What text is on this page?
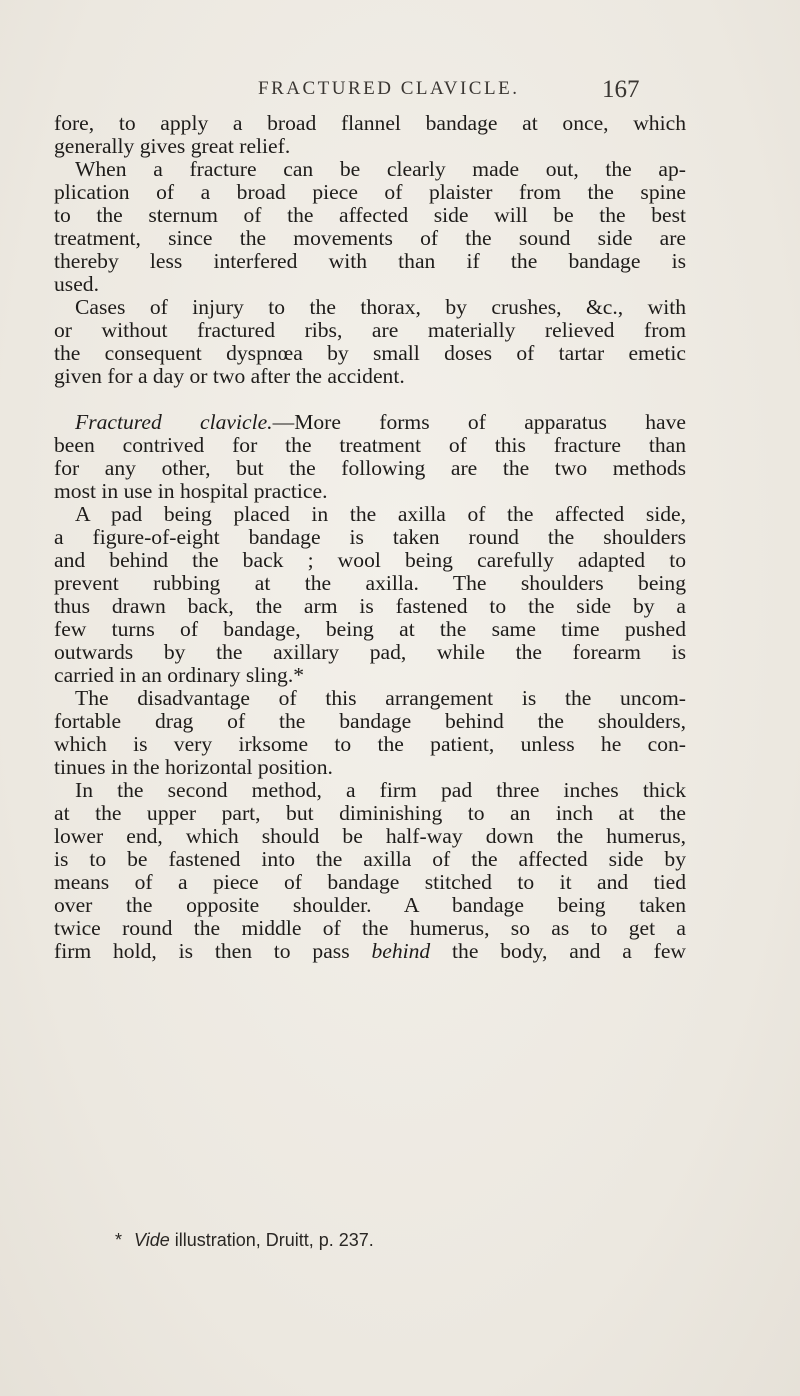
FRACTURED CLAVICLE.	167
fore, to apply a broad flannel bandage at once, which
generally gives great relief.
When a fracture can be clearly made out, the ap-
plication of a broad piece of plaister from the spine
to the sternum of the affected side will be the best
treatment, since the movements of the sound side are
thereby less interfered with than if the bandage is
used.
Cases of injury to the thorax, by crushes, &c., with
or without fractured ribs, are materially relieved from
the consequent dyspnœa by small doses of tartar emetic
given for a day or two after the accident.
Fractured clavicle.—More forms of apparatus have
been contrived for the treatment of this fracture than
for any other, but the following are the two methods
most in use in hospital practice.
A pad being placed in the axilla of the affected side,
a figure-of-eight bandage is taken round the shoulders
and behind the back ; wool being carefully adapted to
prevent rubbing at the axilla. The shoulders being
thus drawn back, the arm is fastened to the side by a
few turns of bandage, being at the same time pushed
outwards by the axillary pad, while the forearm is
carried in an ordinary sling.*
The disadvantage of this arrangement is the uncom-
fortable drag of the bandage behind the shoulders,
which is very irksome to the patient, unless he con-
tinues in the horizontal position.
In the second method, a firm pad three inches thick
at the upper part, but diminishing to an inch at the
lower end, which should be half-way down the humerus,
is to be fastened into the axilla of the affected side by
means of a piece of bandage stitched to it and tied
over the opposite shoulder. A bandage being taken
twice round the middle of the humerus, so as to get a
firm hold, is then to pass behind the body, and a few
* Vide illustration, Druitt, p. 237.
